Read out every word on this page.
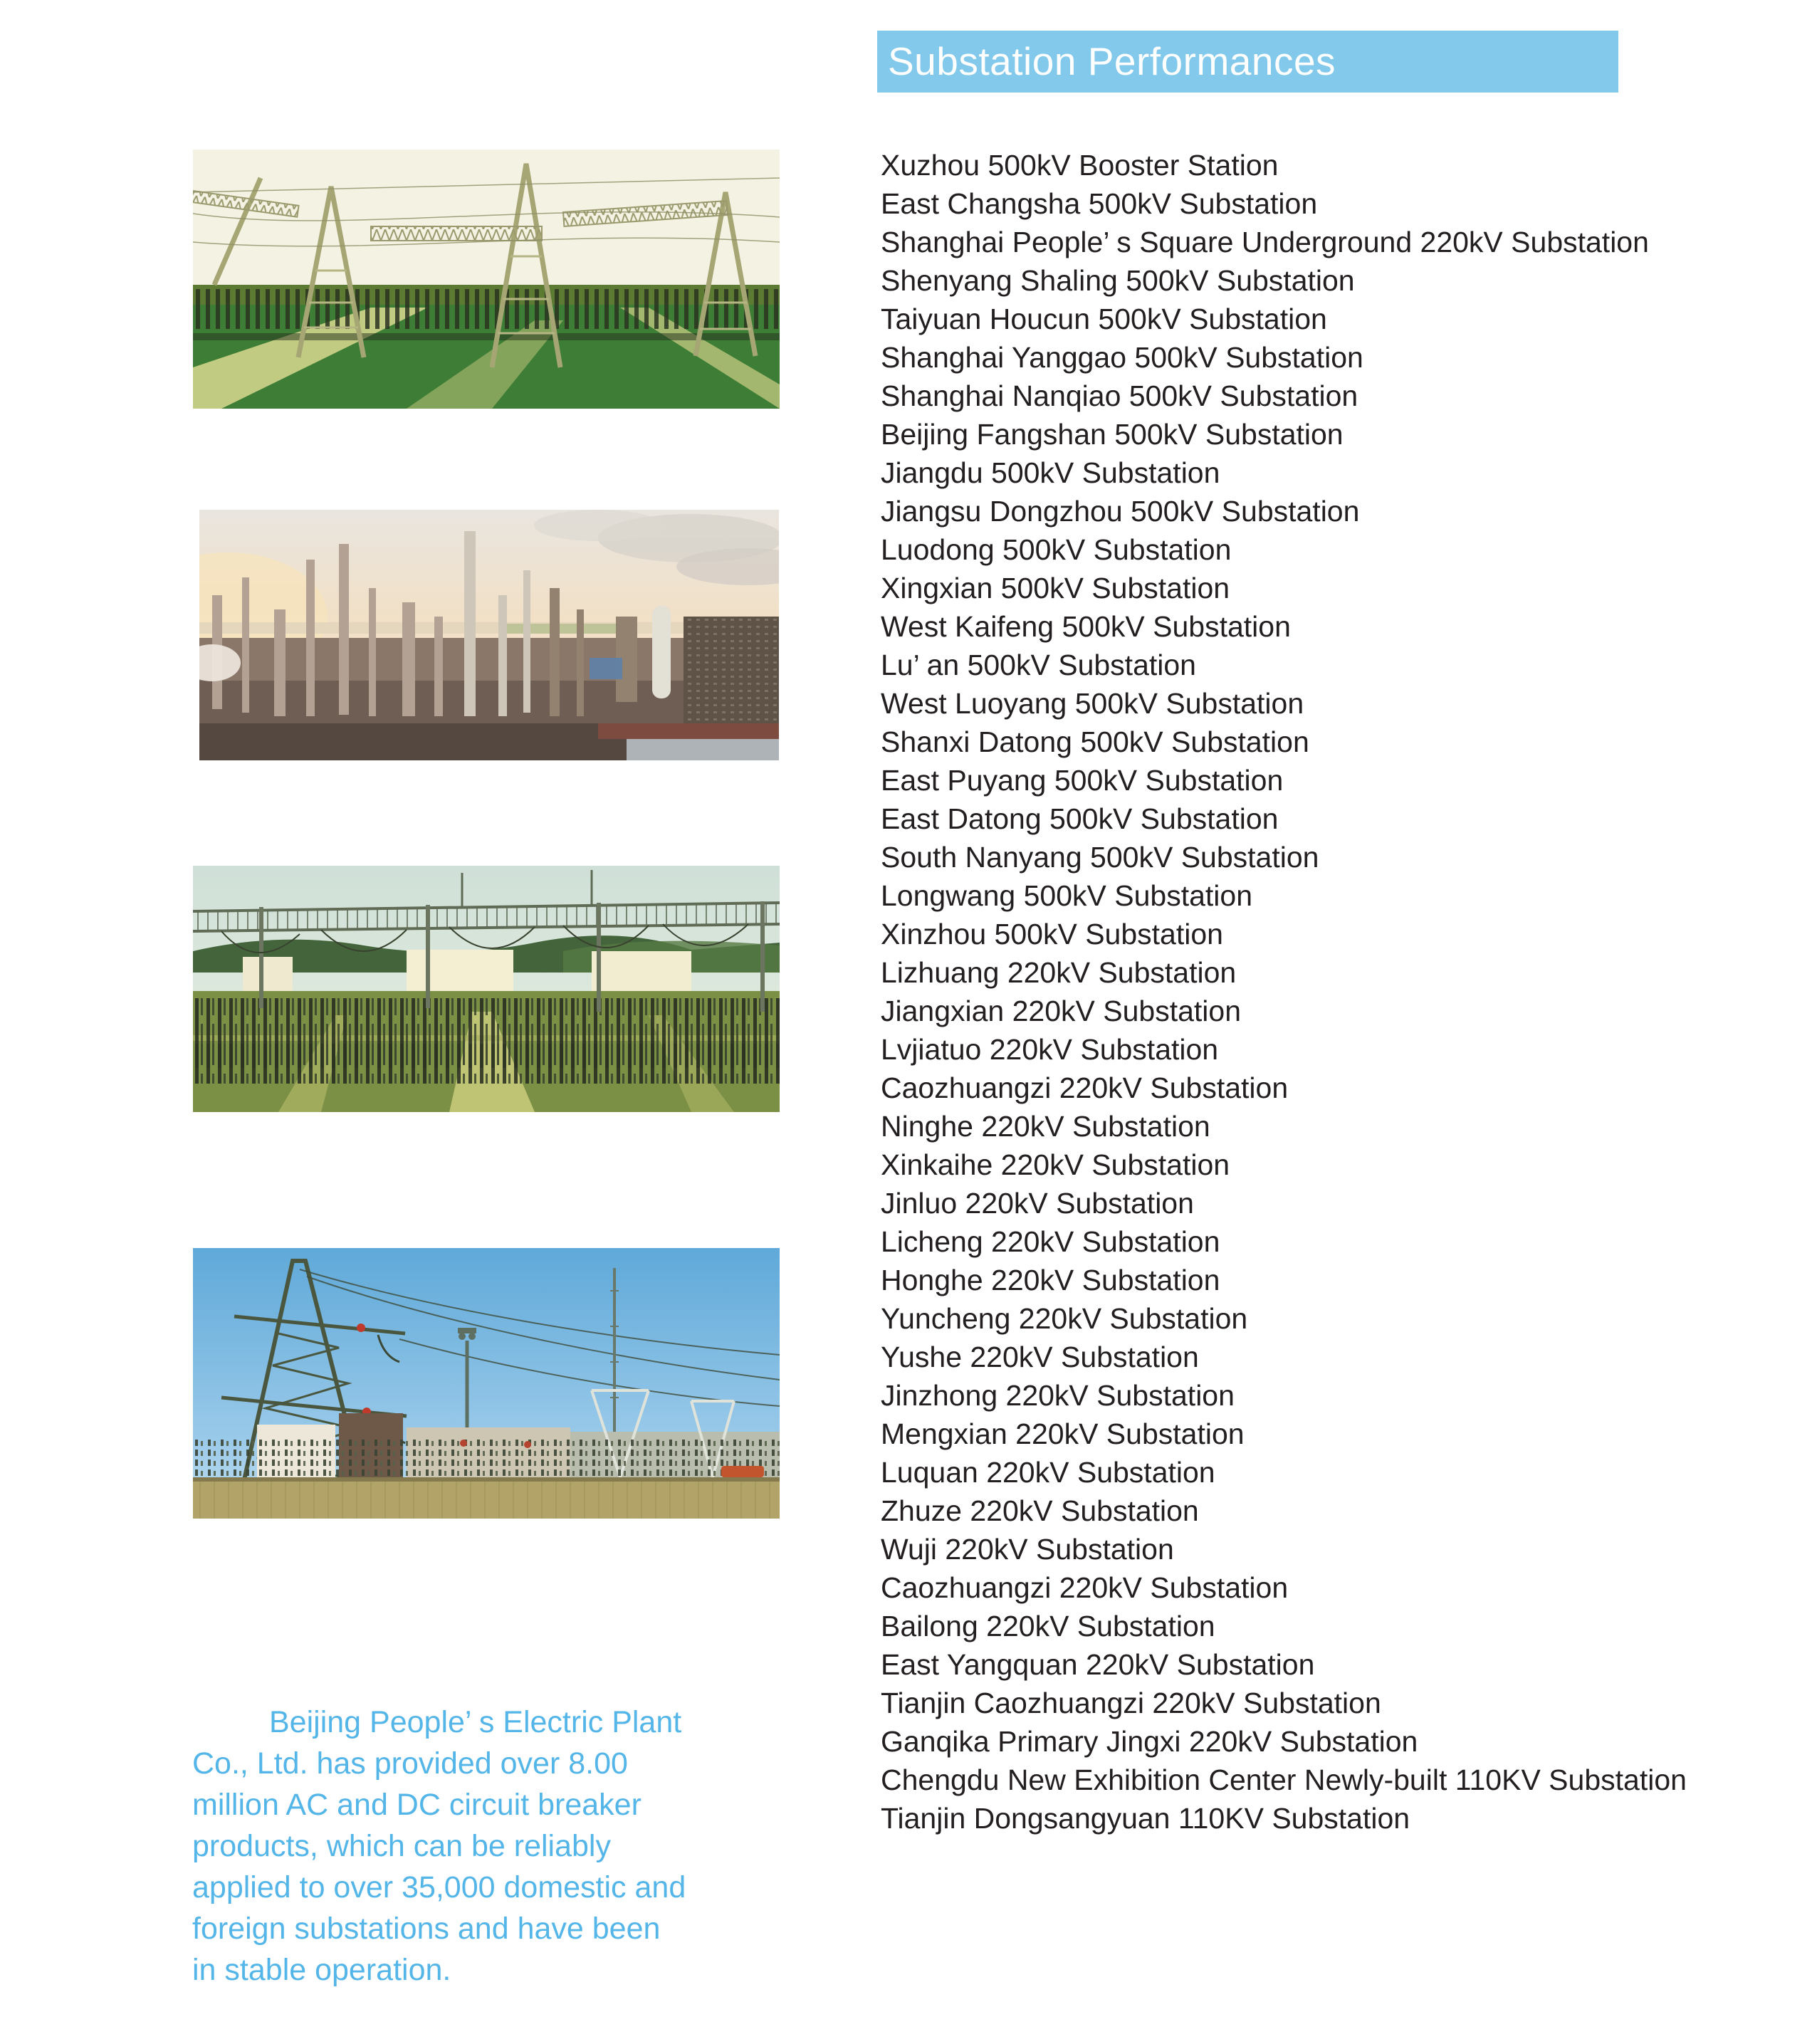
Substation Performances
Xuzhou 500kV Booster Station
East Changsha 500kV Substation
Shanghai People’ s Square Underground 220kV Substation
Shenyang Shaling 500kV Substation
Taiyuan Houcun 500kV Substation
Shanghai Yanggao 500kV Substation
Shanghai Nanqiao 500kV Substation
Beijing Fangshan 500kV Substation
Jiangdu 500kV Substation
Jiangsu Dongzhou 500kV Substation
Luodong 500kV Substation
Xingxian 500kV Substation
West Kaifeng 500kV Substation
Lu’ an 500kV Substation
West Luoyang 500kV Substation
Shanxi Datong 500kV Substation
East Puyang 500kV Substation
East Datong 500kV Substation
South Nanyang 500kV Substation
Longwang 500kV Substation
Xinzhou 500kV Substation
Lizhuang 220kV Substation
Jiangxian 220kV Substation
Lvjiatuo 220kV Substation
Caozhuangzi 220kV Substation
Ninghe 220kV Substation
Xinkaihe 220kV Substation
Jinluo 220kV Substation
Licheng 220kV Substation
Honghe 220kV Substation
Yuncheng 220kV Substation
Yushe 220kV Substation
Jinzhong 220kV Substation
Mengxian 220kV Substation
Luquan 220kV Substation
Zhuze 220kV Substation
Wuji 220kV Substation
Caozhuangzi 220kV Substation
Bailong 220kV Substation
East Yangquan 220kV Substation
Tianjin Caozhuangzi 220kV Substation
Ganqika Primary Jingxi 220kV Substation
Chengdu New Exhibition Center Newly-built 110KV Substation
Tianjin Dongsangyuan 110KV Substation
Beijing People’ s Electric Plant
Co., Ltd. has provided over 8.00
million AC and DC circuit breaker
products, which can be reliably
applied to over 35,000 domestic and
foreign substations and have been
in stable operation.
